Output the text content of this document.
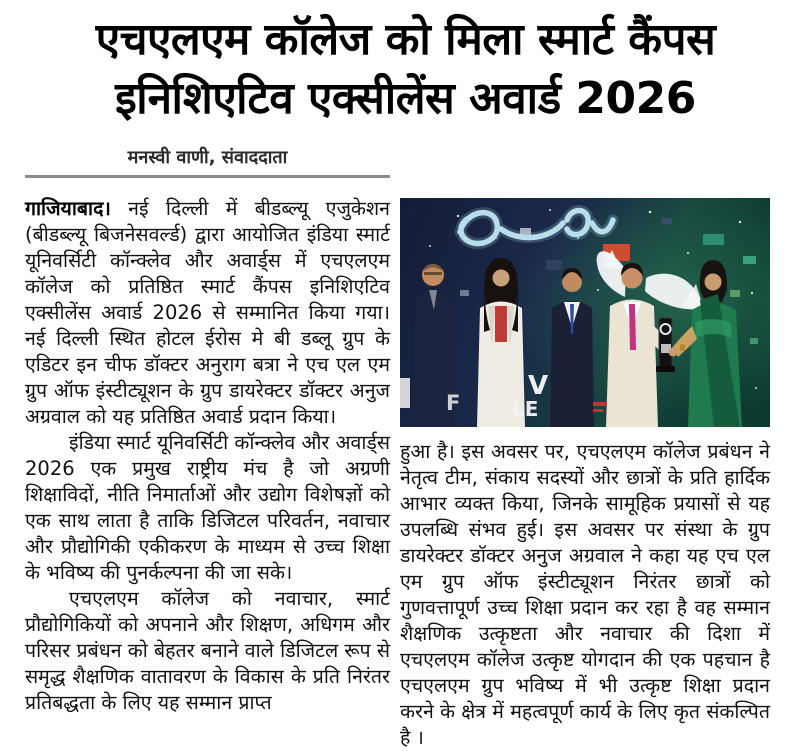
एचएलएम कॉलेज को मिला स्मार्ट कैंपस
इनिशिएटिव एक्सीलेंस अवार्ड 2026
मनस्वी वाणी, संवाददाता

गाजियाबाद। नई दिल्ली में बीडब्ल्यू एजुकेशन (बीडब्ल्यू बिजनेसवर्ल्ड) द्वारा आयोजित इंडिया स्मार्ट यूनिवर्सिटी कॉन्क्लेव और अवार्ड्स में एचएलएम कॉलेज को प्रतिष्ठित स्मार्ट कैंपस इनिशिएटिव एक्सीलेंस अवार्ड 2026 से सम्मानित किया गया। नई दिल्ली स्थित होटल ईरोस मे बी डब्लू ग्रुप के एडिटर इन चीफ डॉक्टर अनुराग बत्रा ने एच एल एम ग्रुप ऑफ इंस्टीट्यूशन के ग्रुप डायरेक्टर डॉक्टर अनुज अग्रवाल को यह प्रतिष्ठित अवार्ड प्रदान किया।

इंडिया स्मार्ट यूनिवर्सिटी कॉन्क्लेव और अवार्ड्स 2026 एक प्रमुख राष्ट्रीय मंच है जो अग्रणी शिक्षाविदों, नीति निमार्ताओं और उद्योग विशेषज्ञों को एक साथ लाता है ताकि डिजिटल परिवर्तन, नवाचार और प्रौद्योगिकी एकीकरण के माध्यम से उच्च शिक्षा के भविष्य की पुनर्कल्पना की जा सके।

एचएलएम कॉलेज को नवाचार, स्मार्ट प्रौद्योगिकियों को अपनाने और शिक्षण, अधिगम और परिसर प्रबंधन को बेहतर बनाने वाले डिजिटल रूप से समृद्ध शैक्षणिक वातावरण के विकास के प्रति निरंतर प्रतिबद्धता के लिए यह सम्मान प्राप्त

V
LE
F

हुआ है। इस अवसर पर, एचएलएम कॉलेज प्रबंधन ने नेतृत्व टीम, संकाय सदस्यों और छात्रों के प्रति हार्दिक आभार व्यक्त किया, जिनके सामूहिक प्रयासों से यह उपलब्धि संभव हुई। इस अवसर पर संस्था के ग्रुप डायरेक्टर डॉक्टर अनुज अग्रवाल ने कहा यह एच एल एम ग्रुप ऑफ इंस्टीट्यूशन निरंतर छात्रों को गुणवत्तापूर्ण उच्च शिक्षा प्रदान कर रहा है वह सम्मान शैक्षणिक उत्कृष्टता और नवाचार की दिशा में एचएलएम कॉलेज उत्कृष्ट योगदान की एक पहचान है एचएलएम ग्रुप भविष्य में भी उत्कृष्ट शिक्षा प्रदान करने के क्षेत्र में महत्वपूर्ण कार्य के लिए कृत संकल्पित है ।
